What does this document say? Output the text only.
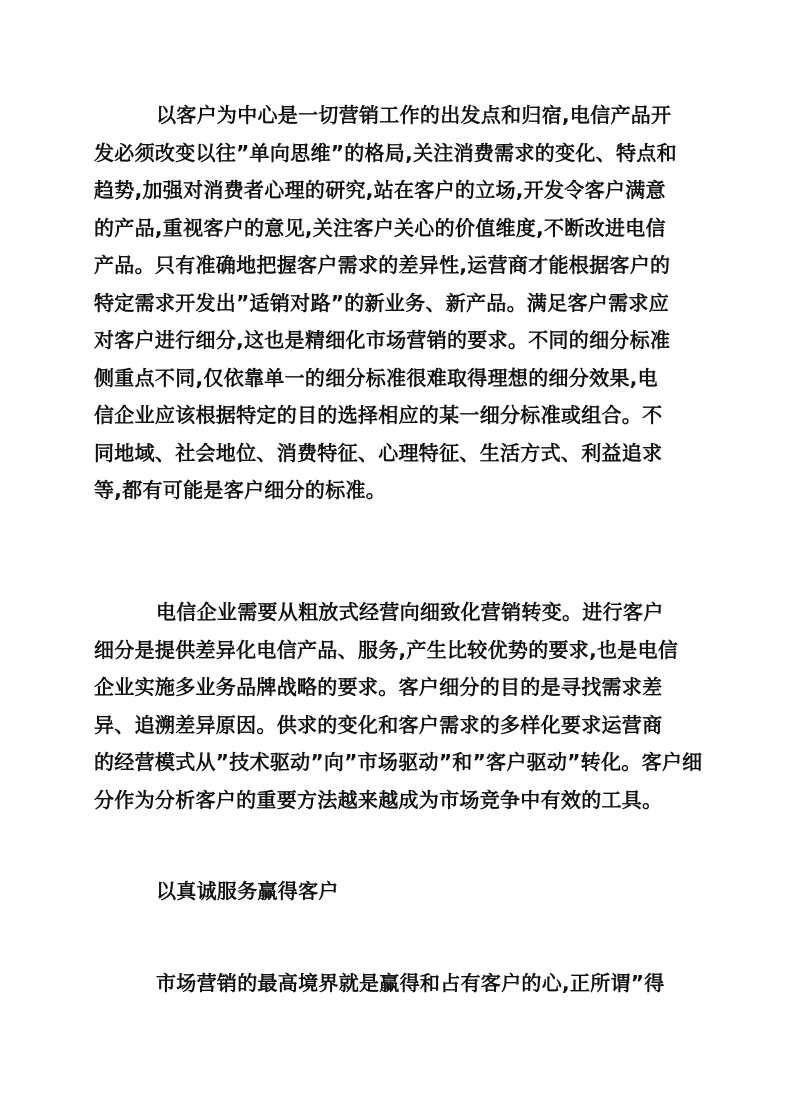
以客户为中心是一切营销工作的出发点和归宿,电信产品开
发必须改变以往”单向思维”的格局,关注消费需求的变化、特点和
趋势,加强对消费者心理的研究,站在客户的立场,开发令客户满意
的产品,重视客户的意见,关注客户关心的价值维度,不断改进电信
产品。只有准确地把握客户需求的差异性,运营商才能根据客户的
特定需求开发出”适销对路”的新业务、新产品。满足客户需求应
对客户进行细分,这也是精细化市场营销的要求。不同的细分标准
侧重点不同,仅依靠单一的细分标准很难取得理想的细分效果,电
信企业应该根据特定的目的选择相应的某一细分标准或组合。不
同地域、社会地位、消费特征、心理特征、生活方式、利益追求
等,都有可能是客户细分的标准。

电信企业需要从粗放式经营向细致化营销转变。进行客户
细分是提供差异化电信产品、服务,产生比较优势的要求,也是电信
企业实施多业务品牌战略的要求。客户细分的目的是寻找需求差
异、追溯差异原因。供求的变化和客户需求的多样化要求运营商
的经营模式从”技术驱动”向”市场驱动”和”客户驱动”转化。客户细
分作为分析客户的重要方法越来越成为市场竞争中有效的工具。

以真诚服务赢得客户

市场营销的最高境界就是赢得和占有客户的心,正所谓”得
